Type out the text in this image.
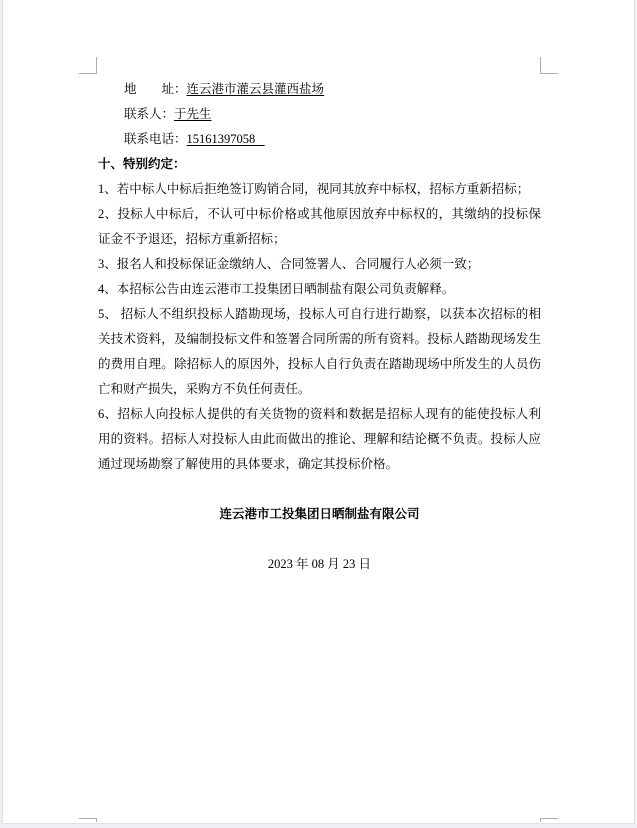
地　　址：连云港市灌云县灌西盐场
联系人：于先生
联系电话：15161397058
十、特别约定：
1、若中标人中标后拒绝签订购销合同，视同其放弃中标权，招标方重新招标；
2、投标人中标后，不认可中标价格或其他原因放弃中标权的，其缴纳的投标保
证金不予退还，招标方重新招标；
3、报名人和投标保证金缴纳人、合同签署人、合同履行人必须一致；
4、本招标公告由连云港市工投集团日晒制盐有限公司负责解释。
5、 招标人不组织投标人踏勘现场，投标人可自行进行勘察，以获本次招标的相
关技术资料，及编制投标文件和签署合同所需的所有资料。投标人踏勘现场发生
的费用自理。除招标人的原因外，投标人自行负责在踏勘现场中所发生的人员伤
亡和财产损失，采购方不负任何责任。
6、招标人向投标人提供的有关货物的资料和数据是招标人现有的能使投标人利
用的资料。招标人对投标人由此而做出的推论、理解和结论概不负责。投标人应
通过现场勘察了解使用的具体要求，确定其投标价格。
连云港市工投集团日晒制盐有限公司
2023 年 08 月 23 日
